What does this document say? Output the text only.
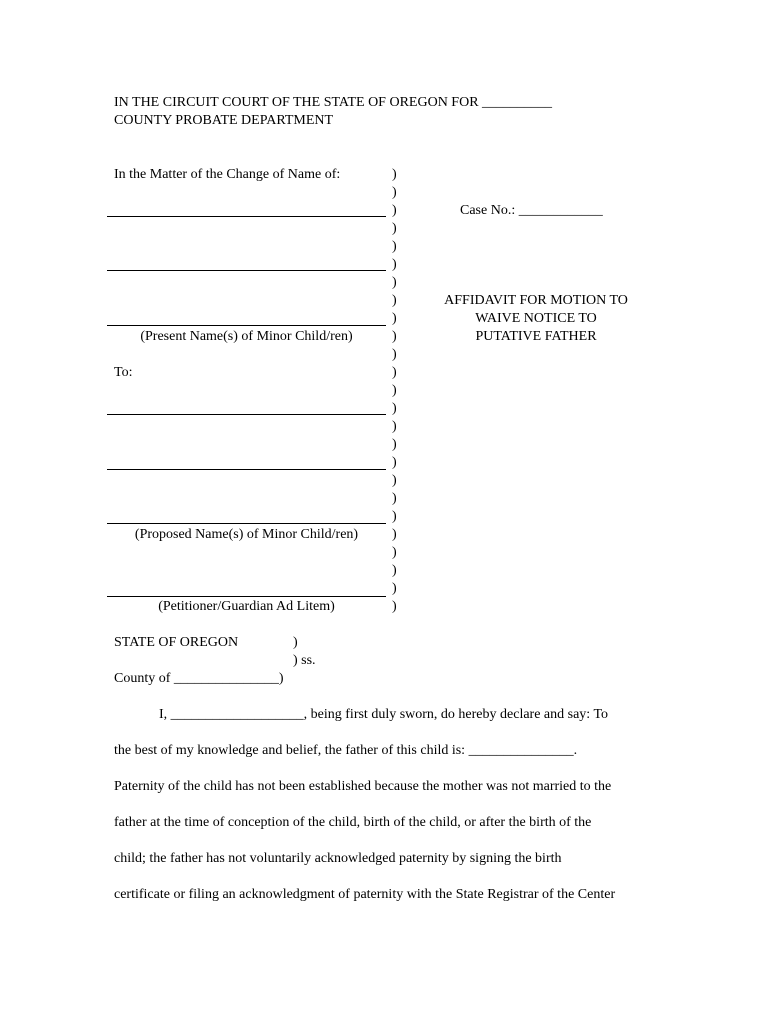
IN THE CIRCUIT COURT OF THE STATE OF OREGON FOR __________
COUNTY PROBATE DEPARTMENT
In the Matter of the Change of Name of:
(Present Name(s) of Minor Child/ren)
To:
(Proposed Name(s) of Minor Child/ren)
(Petitioner/Guardian Ad Litem)
)
)
)
)
)
)
)
)
)
)
)
)
)
)
)
)
)
)
)
)
)
)
)
)
)
Case No.: ____________
AFFIDAVIT FOR MOTION TO
WAIVE NOTICE TO
PUTATIVE FATHER
STATE OF OREGON	)
) ss.
County of _______________)
I, ___________________, being first duly sworn, do hereby declare and say: To
the best of my knowledge and belief, the father of this child is: _______________.
Paternity of the child has not been established because the mother was not married to the
father at the time of conception of the child, birth of the child, or after the birth of the
child; the father has not voluntarily acknowledged paternity by signing the birth
certificate or filing an acknowledgment of paternity with the State Registrar of the Center
